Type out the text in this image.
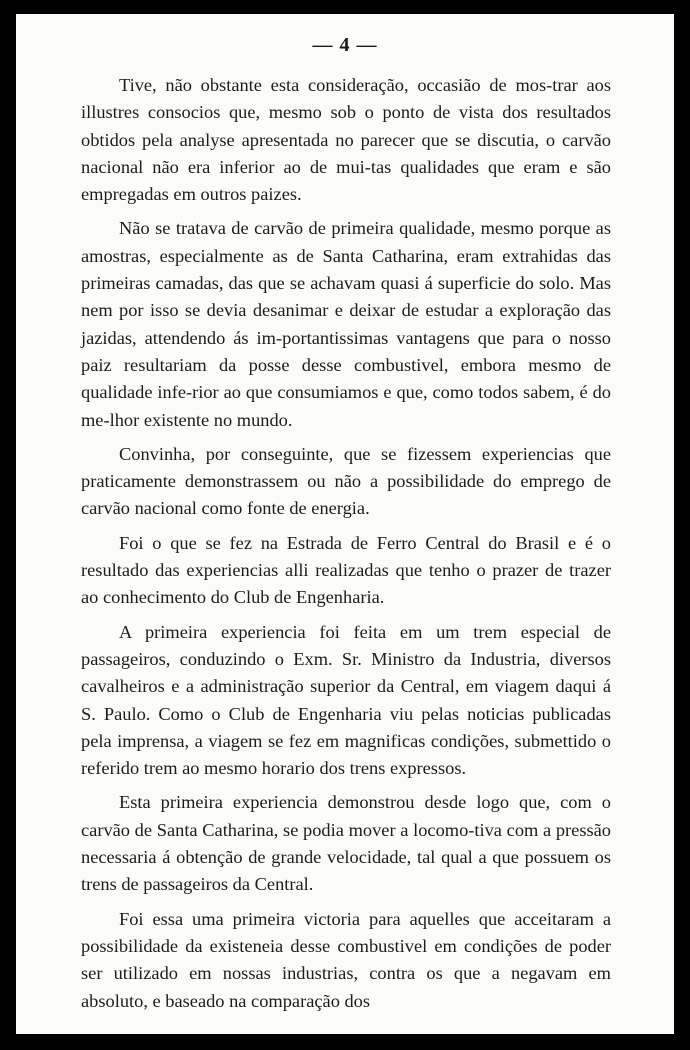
— 4 —

Tive, não obstante esta consideração, occasião de mos-trar aos illustres consocios que, mesmo sob o ponto de vista dos resultados obtidos pela analyse apresentada no parecer que se discutia, o carvão nacional não era inferior ao de mui-tas qualidades que eram e são empregadas em outros paizes.

Não se tratava de carvão de primeira qualidade, mesmo porque as amostras, especialmente as de Santa Catharina, eram extrahidas das primeiras camadas, das que se achavam quasi á superficie do solo. Mas nem por isso se devia desanimar e deixar de estudar a exploração das jazidas, attendendo ás im-portantissimas vantagens que para o nosso paiz resultariam da posse desse combustivel, embora mesmo de qualidade infe-rior ao que consumiamos e que, como todos sabem, é do me-lhor existente no mundo.

Convinha, por conseguinte, que se fizessem experiencias que praticamente demonstrassem ou não a possibilidade do emprego de carvão nacional como fonte de energia.

Foi o que se fez na Estrada de Ferro Central do Brasil e é o resultado das experiencias alli realizadas que tenho o prazer de trazer ao conhecimento do Club de Engenharia.

A primeira experiencia foi feita em um trem especial de passageiros, conduzindo o Exm. Sr. Ministro da Industria, diversos cavalheiros e a administração superior da Central, em viagem daqui á S. Paulo. Como o Club de Engenharia viu pelas noticias publicadas pela imprensa, a viagem se fez em magnificas condições, submettido o referido trem ao mesmo horario dos trens expressos.

Esta primeira experiencia demonstrou desde logo que, com o carvão de Santa Catharina, se podia mover a locomo-tiva com a pressão necessaria á obtenção de grande velocidade, tal qual a que possuem os trens de passageiros da Central.

Foi essa uma primeira victoria para aquelles que acceitaram a possibilidade da existeneia desse combustivel em condições de poder ser utilizado em nossas industrias, contra os que a negavam em absoluto, e baseado na comparação dos
